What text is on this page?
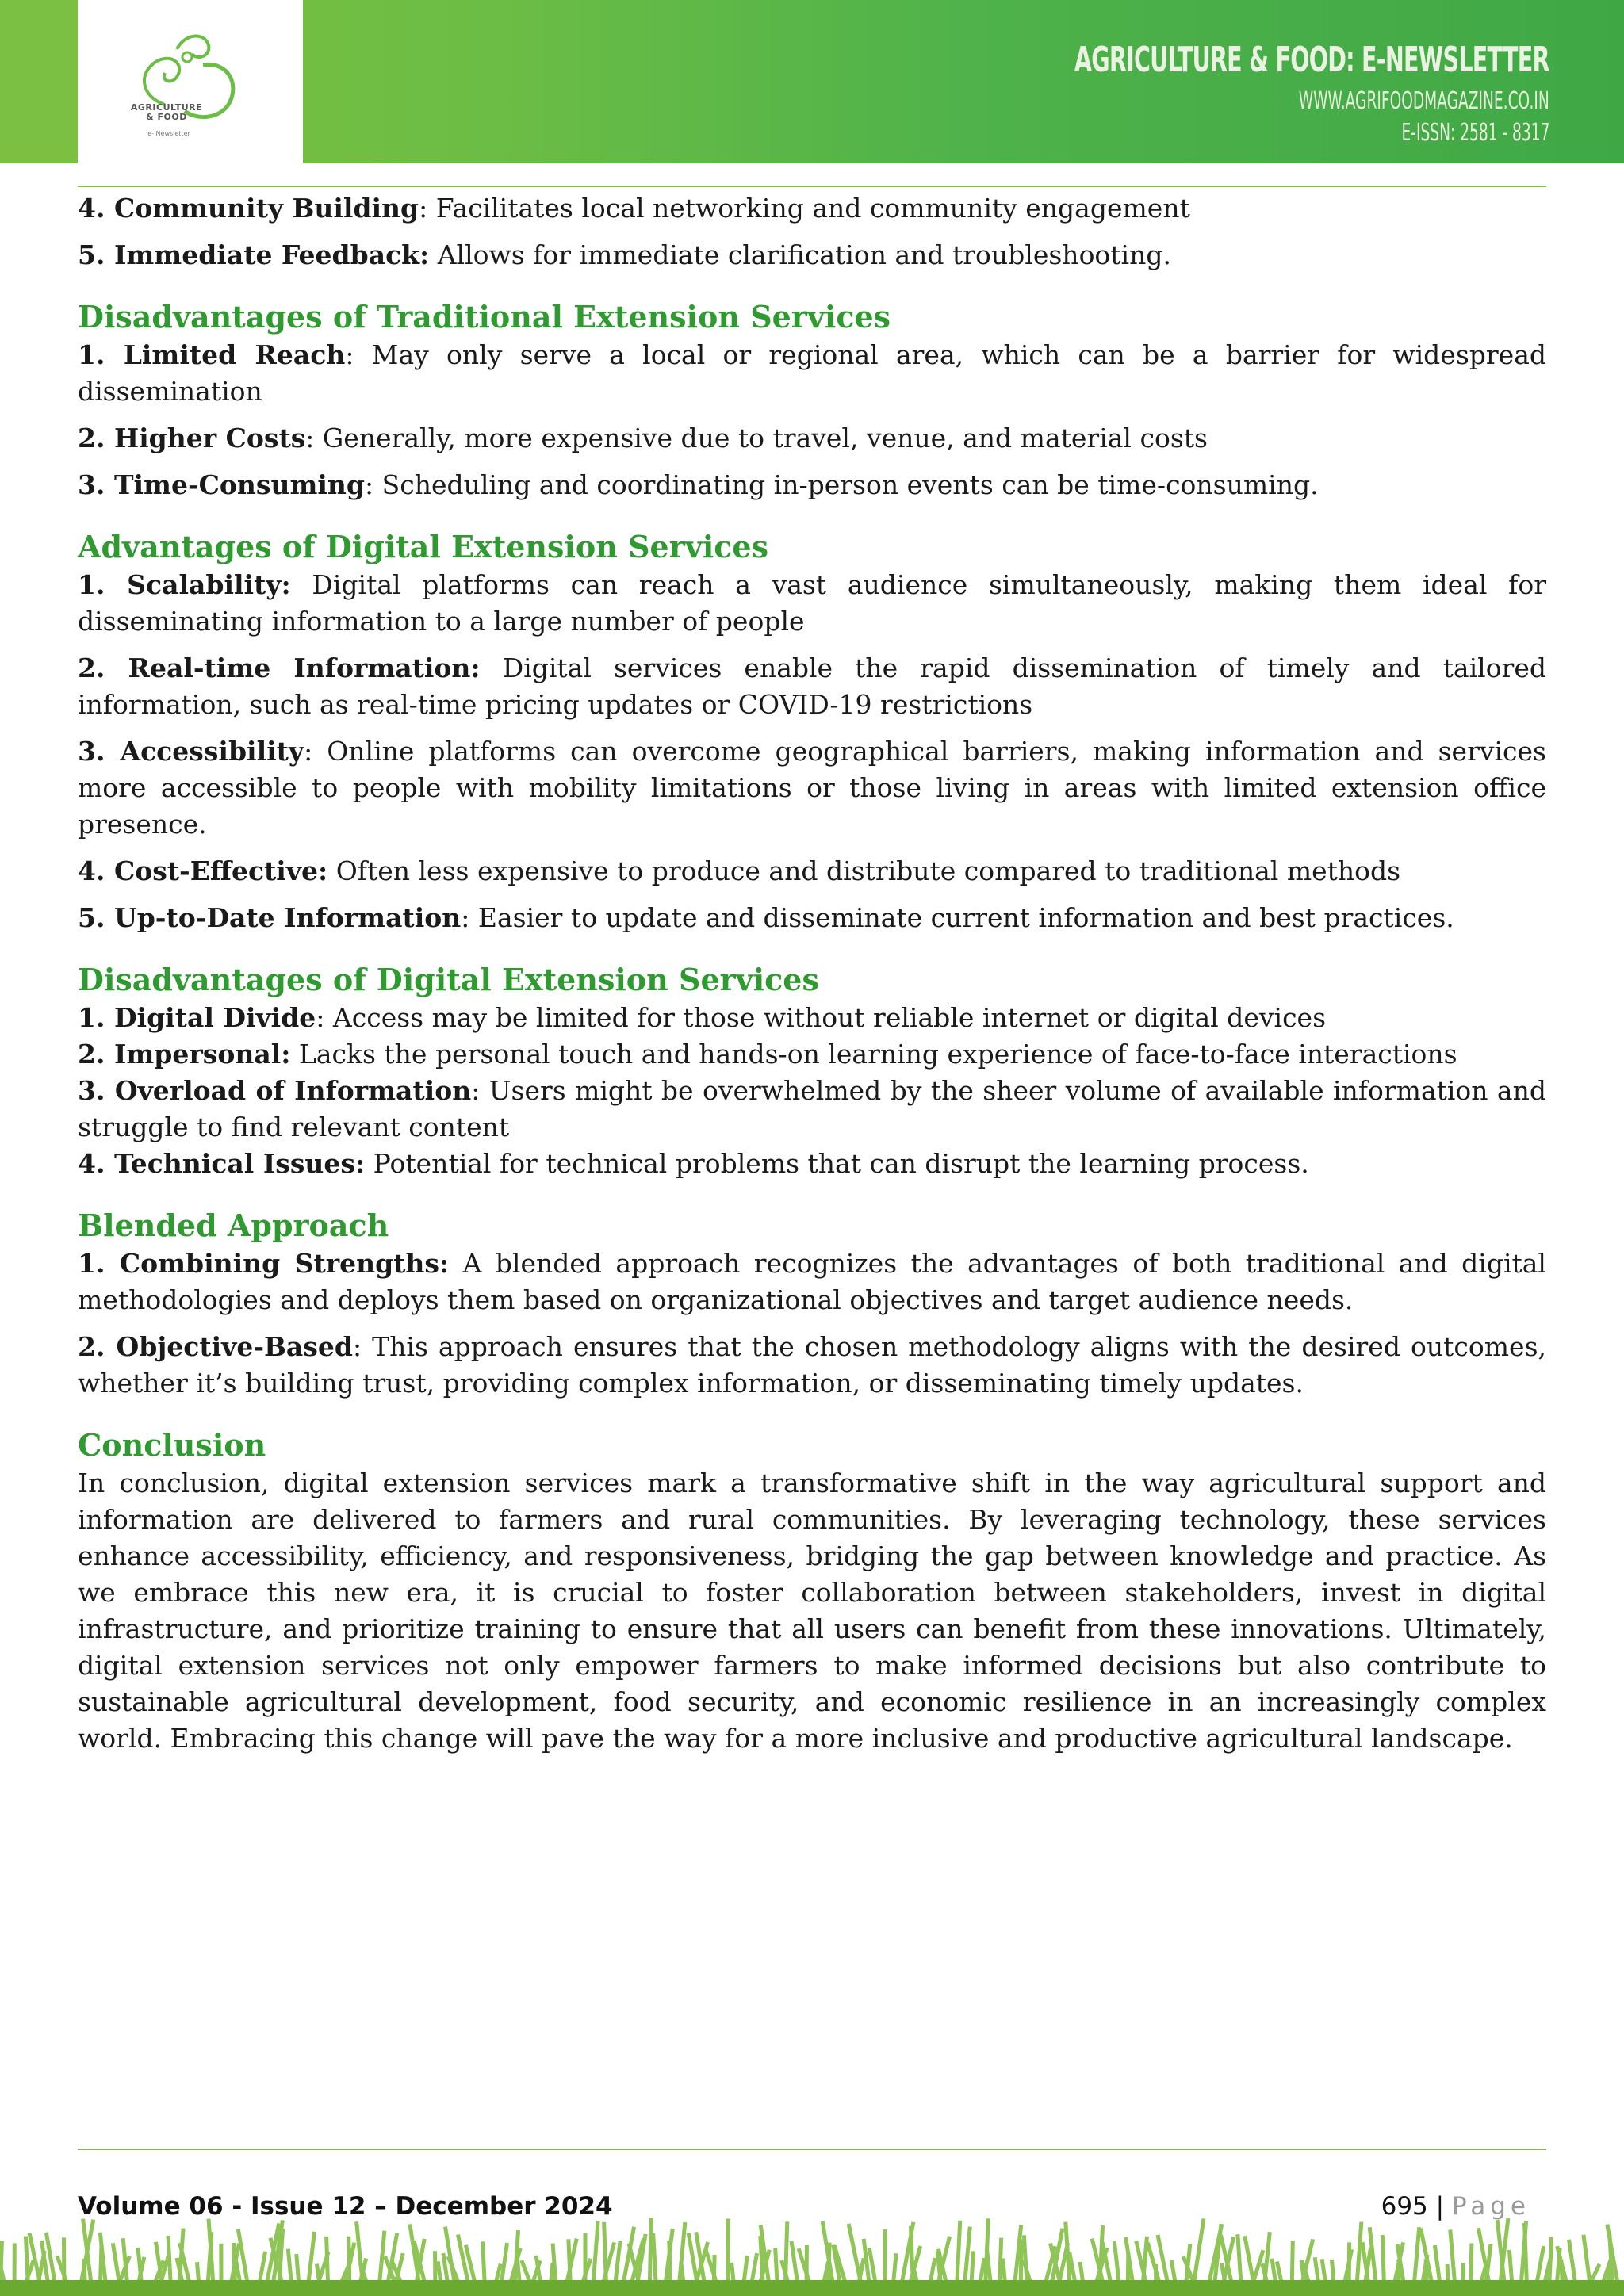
AGRICULTURE
& FOOD
e- Newsletter
AGRICULTURE & FOOD: E-NEWSLETTER
WWW.AGRIFOODMAGAZINE.CO.IN
E-ISSN: 2581 - 8317

4. Community Building: Facilitates local networking and community engagement

5. Immediate Feedback: Allows for immediate clarification and troubleshooting.

Disadvantages of Traditional Extension Services

1. Limited Reach: May only serve a local or regional area, which can be a barrier for widespread dissemination

2. Higher Costs: Generally, more expensive due to travel, venue, and material costs

3. Time-Consuming: Scheduling and coordinating in-person events can be time-consuming.

Advantages of Digital Extension Services

1. Scalability: Digital platforms can reach a vast audience simultaneously, making them ideal for disseminating information to a large number of people

2. Real-time Information: Digital services enable the rapid dissemination of timely and tailored information, such as real-time pricing updates or COVID-19 restrictions

3. Accessibility: Online platforms can overcome geographical barriers, making information and services more accessible to people with mobility limitations or those living in areas with limited extension office presence.

4. Cost-Effective: Often less expensive to produce and distribute compared to traditional methods

5. Up-to-Date Information: Easier to update and disseminate current information and best practices.

Disadvantages of Digital Extension Services

1. Digital Divide: Access may be limited for those without reliable internet or digital devices

2. Impersonal: Lacks the personal touch and hands-on learning experience of face-to-face interactions

3. Overload of Information: Users might be overwhelmed by the sheer volume of available information and struggle to find relevant content

4. Technical Issues: Potential for technical problems that can disrupt the learning process.

Blended Approach

1. Combining Strengths: A blended approach recognizes the advantages of both traditional and digital methodologies and deploys them based on organizational objectives and target audience needs.

2. Objective-Based: This approach ensures that the chosen methodology aligns with the desired outcomes, whether it’s building trust, providing complex information, or disseminating timely updates.

Conclusion

In conclusion, digital extension services mark a transformative shift in the way agricultural support and information are delivered to farmers and rural communities. By leveraging technology, these services enhance accessibility, efficiency, and responsiveness, bridging the gap between knowledge and practice. As we embrace this new era, it is crucial to foster collaboration between stakeholders, invest in digital infrastructure, and prioritize training to ensure that all users can benefit from these innovations. Ultimately, digital extension services not only empower farmers to make informed decisions but also contribute to sustainable agricultural development, food security, and economic resilience in an increasingly complex world. Embracing this change will pave the way for a more inclusive and productive agricultural landscape.

Volume 06 - Issue 12 – December 2024	695 | Page
